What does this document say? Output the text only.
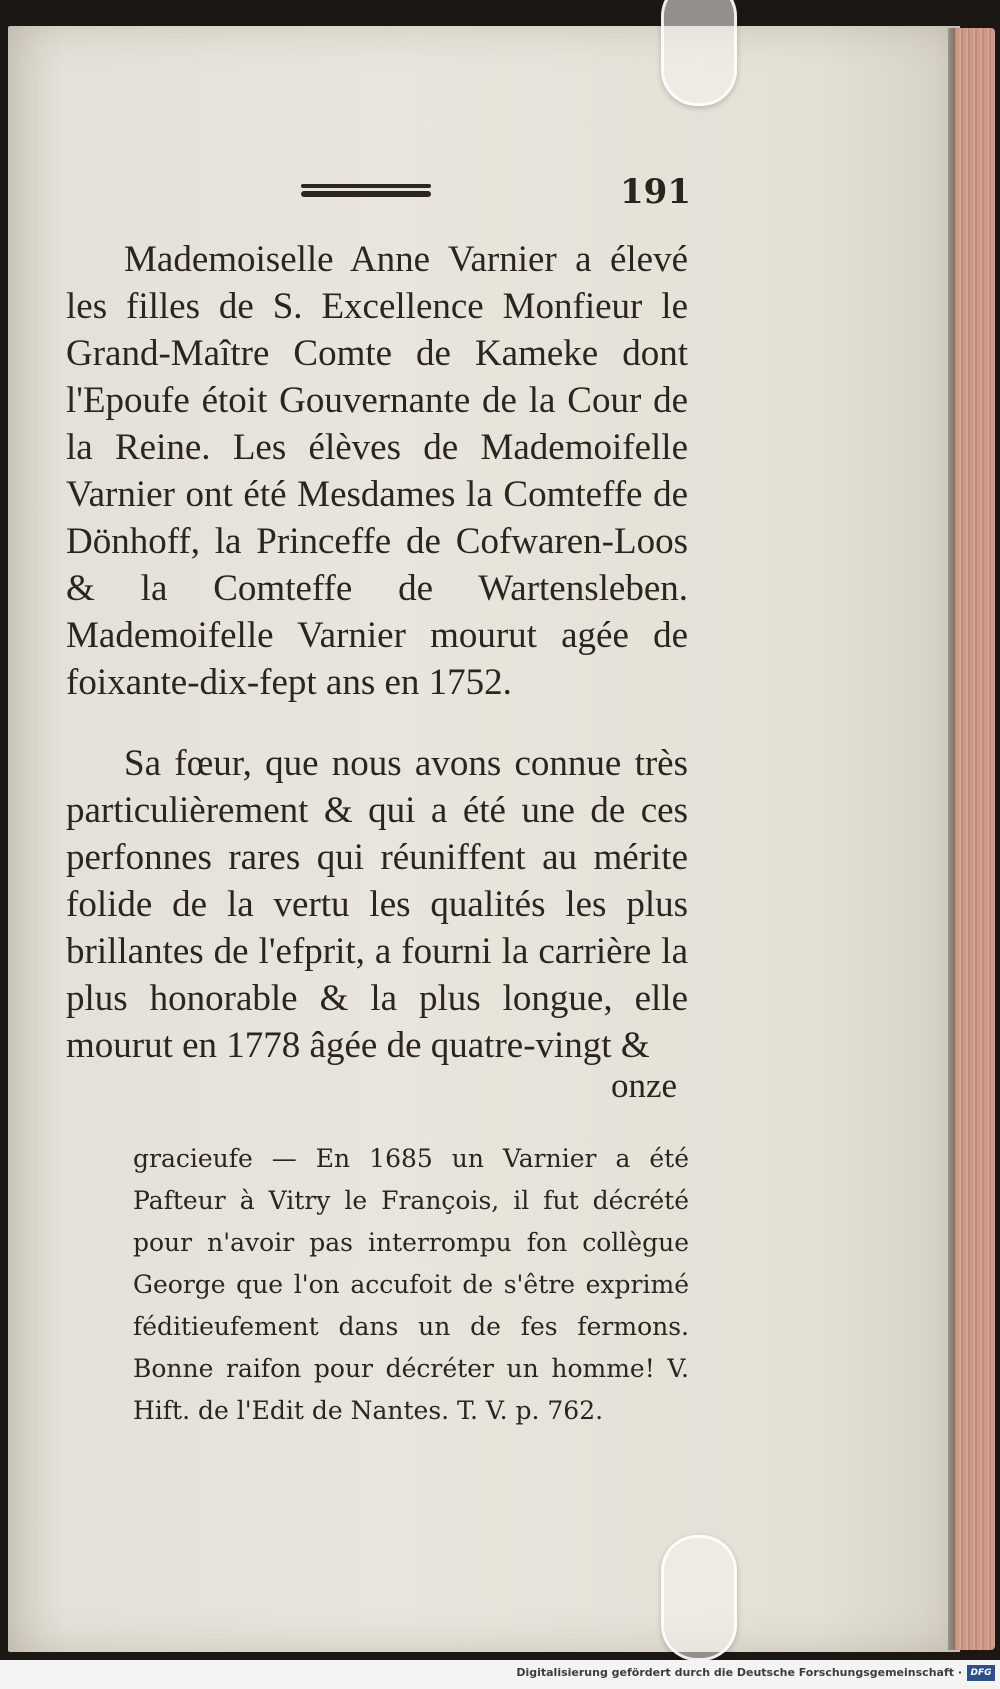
191

Mademoiselle Anne Varnier a élevé les filles de S. Excellence Monfieur le Grand-Maître Comte de Kameke dont l'Epoufe étoit Gouvernante de la Cour de la Reine. Les élèves de Mademoifelle Varnier ont été Mesdames la Comteffe de Dönhoff, la Princeffe de Cofwaren-Loos & la Comteffe de Wartensleben. Mademoifelle Varnier mourut agée de foixante-dix-fept ans en 1752.

Sa fœur, que nous avons connue très particulièrement & qui a été une de ces perfonnes rares qui réuniffent au mérite folide de la vertu les qualités les plus brillantes de l'efprit, a fourni la carrière la plus honorable & la plus longue, elle mourut en 1778 âgée de quatre-vingt &

onze
gracieufe — En 1685 un Varnier a été Pafteur à Vitry le François, il fut décrété pour n'avoir pas interrompu fon collègue George que l'on accufoit de s'être exprimé féditieufement dans un de fes fermons. Bonne raifon pour décréter un homme! V. Hift. de l'Edit de Nantes. T. V. p. 762.
Digitalisierung gefördert durch die Deutsche Forschungsgemeinschaft · DFG
